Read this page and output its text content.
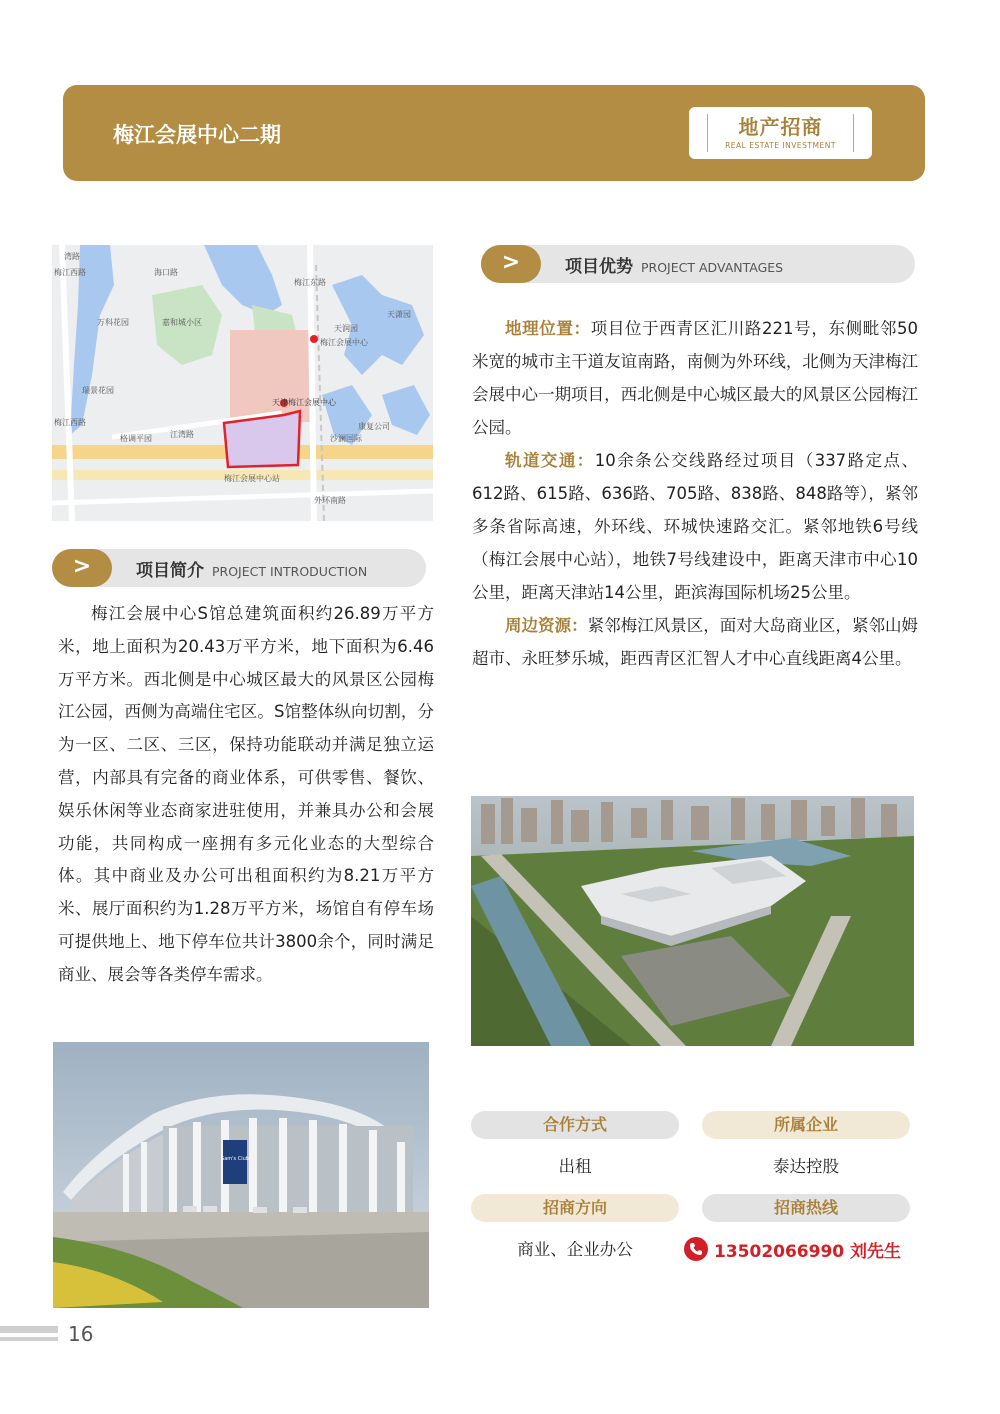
梅江会展中心二期	地产招商
REAL ESTATE INVESTMENT
湾路
梅江西路
万科花园
海口路
瑞景花园
嘉和城小区
天津梅江会展中心
天润园
天潇园
梅江会展中心
江湾路
格调平园
梅江西路
外环南路
梅江会展中心站
沙澜国际
康复公司
梅江东路
>	项目优势 PROJECT ADVANTAGES
>	项目简介 PROJECT INTRODUCTION
梅江会展中心S馆总建筑面积约26.89万平方米，地上面积为20.43万平方米，地下面积为6.46万平方米。西北侧是中心城区最大的风景区公园梅江公园，西侧为高端住宅区。S馆整体纵向切割，分为一区、二区、三区，保持功能联动并满足独立运营，内部具有完备的商业体系，可供零售、餐饮、娱乐休闲等业态商家进驻使用，并兼具办公和会展功能，共同构成一座拥有多元化业态的大型综合体。其中商业及办公可出租面积约为8.21万平方米、展厅面积约为1.28万平方米，场馆自有停车场可提供地上、地下停车位共计3800余个，同时满足商业、展会等各类停车需求。

地理位置：项目位于西青区汇川路221号，东侧毗邻50米宽的城市主干道友谊南路，南侧为外环线，北侧为天津梅江会展中心一期项目，西北侧是中心城区最大的风景区公园梅江公园。

轨道交通：10余条公交线路经过项目（337路定点、612路、615路、636路、705路、838路、848路等），紧邻多条省际高速，外环线、环城快速路交汇。紧邻地铁6号线（梅江会展中心站），地铁7号线建设中，距离天津市中心10公里，距离天津站14公里，距滨海国际机场25公里。

周边资源：紧邻梅江风景区，面对大岛商业区，紧邻山姆超市、永旺梦乐城，距西青区汇智人才中心直线距离4公里。

Sam's Club
合作方式	所属企业
出租	泰达控股
招商方向	招商热线
商业、企业办公	13502066990 刘先生
16
